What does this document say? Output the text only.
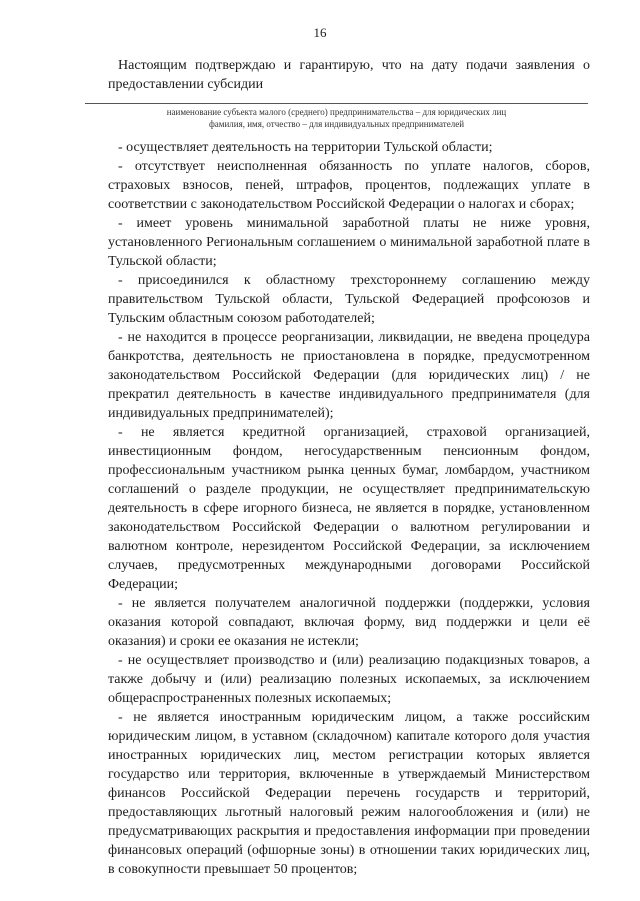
16
Настоящим подтверждаю и гарантирую, что на дату подачи заявления о предоставлении субсидии
наименование субъекта малого (среднего) предпринимательства – для юридических лиц
фамилия, имя, отчество – для индивидуальных предпринимателей

- осуществляет деятельность на территории Тульской области;

- отсутствует неисполненная обязанность по уплате налогов, сборов, страховых взносов, пеней, штрафов, процентов, подлежащих уплате в соответствии с законодательством Российской Федерации о налогах и сборах;

- имеет уровень минимальной заработной платы не ниже уровня, установленного Региональным соглашением о минимальной заработной плате в Тульской области;

- присоединился к областному трехстороннему соглашению между правительством Тульской области, Тульской Федерацией профсоюзов и Тульским областным союзом работодателей;

- не находится в процессе реорганизации, ликвидации, не введена процедура банкротства, деятельность не приостановлена в порядке, предусмотренном законодательством Российской Федерации (для юридических лиц) / не прекратил деятельность в качестве индивидуального предпринимателя (для индивидуальных предпринимателей);

- не является кредитной организацией, страховой организацией, инвестиционным фондом, негосударственным пенсионным фондом, профессиональным участником рынка ценных бумаг, ломбардом, участником соглашений о разделе продукции, не осуществляет предпринимательскую деятельность в сфере игорного бизнеса, не является в порядке, установленном законодательством Российской Федерации о валютном регулировании и валютном контроле, нерезидентом Российской Федерации, за исключением случаев, предусмотренных международными договорами Российской Федерации;

- не является получателем аналогичной поддержки (поддержки, условия оказания которой совпадают, включая форму, вид поддержки и цели её оказания) и сроки ее оказания не истекли;

- не осуществляет производство и (или) реализацию подакцизных товаров, а также добычу и (или) реализацию полезных ископаемых, за исключением общераспространенных полезных ископаемых;

- не является иностранным юридическим лицом, а также российским юридическим лицом, в уставном (складочном) капитале которого доля участия иностранных юридических лиц, местом регистрации которых является государство или территория, включенные в утверждаемый Министерством финансов Российской Федерации перечень государств и территорий, предоставляющих льготный налоговый режим налогообложения и (или) не предусматривающих раскрытия и предоставления информации при проведении финансовых операций (офшорные зоны) в отношении таких юридических лиц, в совокупности превышает 50 процентов;
